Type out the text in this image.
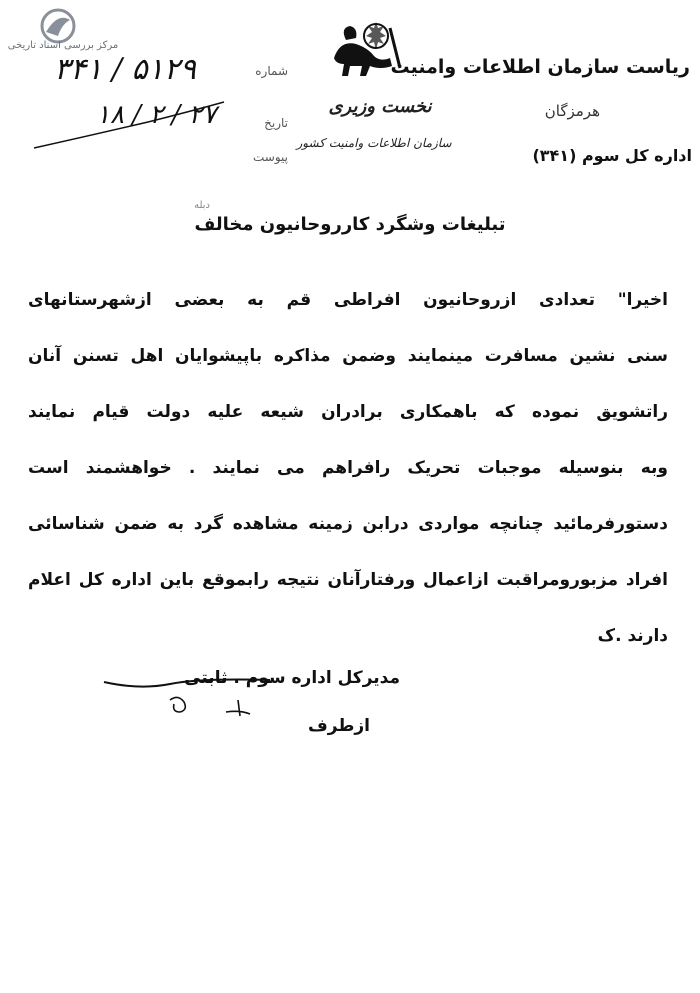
مرکز بررسی اسناد تاریخی
ریاست سازمان اطلاعات وامنیت
هرمزگان
اداره کل سوم (۳۴۱)
نخست وزیری
سازمان اطلاعات وامنیت کشور
شماره
تاریخ
پیوست
۳۴۱ / ۵۱۲۹
۱۸ / ۲ / ۲۷
دبله
تبلیغات وشگرد کارروحانیون مخالف
اخیرا" تعدادی ازروحانیون افراطی قم به بعضی ازشهرستانهای
سنی نشین مسافرت مینمایند وضمن مذاکره باپیشوایان اهل تسنن آنان
راتشویق نموده که باهمکاری برادران شیعه علیه دولت قیام نمایند
وبه بنوسیله موجبات تحریک رافراهم می نمایند . خواهشمند است
دستورفرمائید چنانچه مواردی درابن زمینه مشاهده گرد به ضمن شناسائی
افراد مزبورومراقبت ازاعمال ورفتارآنان نتیجه رابموقع باین اداره کل اعلام
دارند .ک
مدیرکل اداره سوم . ثابتی
ازطرف
